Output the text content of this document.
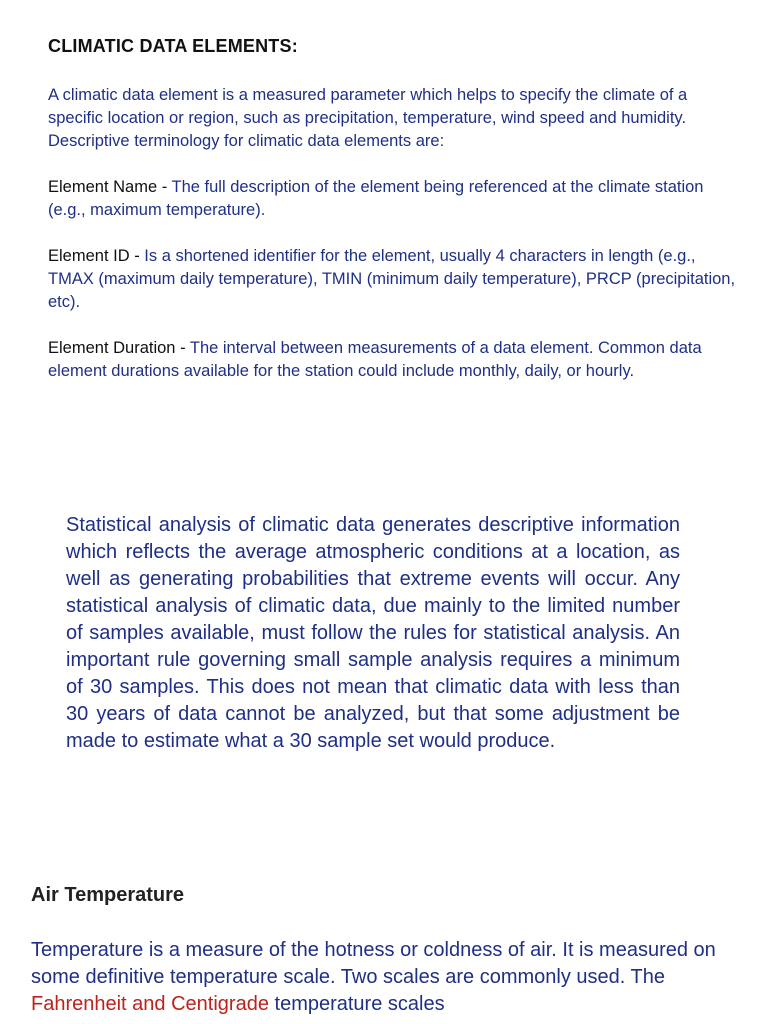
CLIMATIC DATA ELEMENTS:

A climatic data element is a measured parameter which helps to specify the climate of a specific location or region, such as precipitation, temperature, wind speed and humidity. Descriptive terminology for climatic data elements are:

Element Name - The full description of the element being referenced at the climate station (e.g., maximum temperature).

Element ID - Is a shortened identifier for the element, usually 4 characters in length (e.g., TMAX (maximum daily temperature), TMIN (minimum daily temperature), PRCP (precipitation, etc).

Element Duration - The interval between measurements of a data element. Common data element durations available for the station could include monthly, daily, or hourly.

Statistical analysis of climatic data generates descriptive information which reflects the average atmospheric conditions at a location, as well as generating probabilities that extreme events will occur. Any statistical analysis of climatic data, due mainly to the limited number of samples available, must follow the rules for statistical analysis. An important rule governing small sample analysis requires a minimum of 30 samples. This does not mean that climatic data with less than 30 years of data cannot be analyzed, but that some adjustment be made to estimate what a 30 sample set would produce.

Air Temperature

Temperature is a measure of the hotness or coldness of air. It is measured on some definitive temperature scale. Two scales are commonly used. The Fahrenheit and Centigrade temperature scales
